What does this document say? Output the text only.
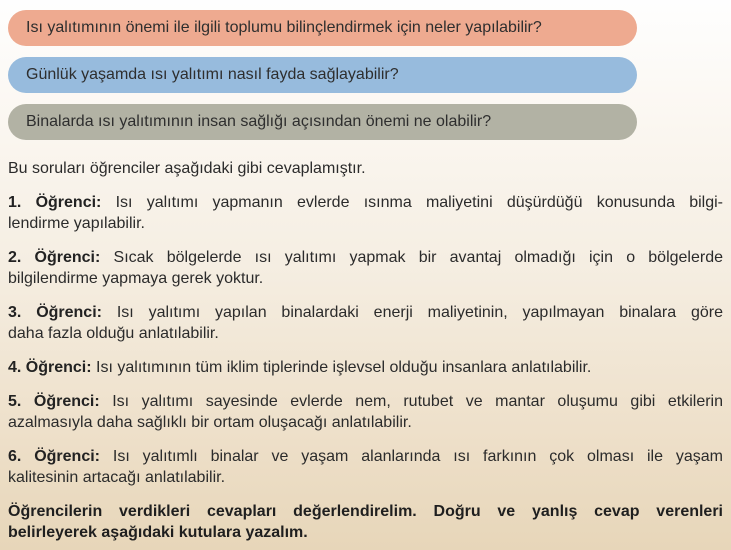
Isı yalıtımının önemi ile ilgili toplumu bilinçlendirmek için neler yapılabilir?
Günlük yaşamda ısı yalıtımı nasıl fayda sağlayabilir?
Binalarda ısı yalıtımının insan sağlığı açısından önemi ne olabilir?
Bu soruları öğrenciler aşağıdaki gibi cevaplamıştır.
1. Öğrenci: Isı yalıtımı yapmanın evlerde ısınma maliyetini düşürdüğü konusunda bilgi-
lendirme yapılabilir.
2. Öğrenci: Sıcak bölgelerde ısı yalıtımı yapmak bir avantaj olmadığı için o bölgelerde
bilgilendirme yapmaya gerek yoktur.
3. Öğrenci: Isı yalıtımı yapılan binalardaki enerji maliyetinin, yapılmayan binalara göre
daha fazla olduğu anlatılabilir.
4. Öğrenci: Isı yalıtımının tüm iklim tiplerinde işlevsel olduğu insanlara anlatılabilir.
5. Öğrenci: Isı yalıtımı sayesinde evlerde nem, rutubet ve mantar oluşumu gibi etkilerin
azalmasıyla daha sağlıklı bir ortam oluşacağı anlatılabilir.
6. Öğrenci: Isı yalıtımlı binalar ve yaşam alanlarında ısı farkının çok olması ile yaşam
kalitesinin artacağı anlatılabilir.
Öğrencilerin verdikleri cevapları değerlendirelim. Doğru ve yanlış cevap verenleri
belirleyerek aşağıdaki kutulara yazalım.
